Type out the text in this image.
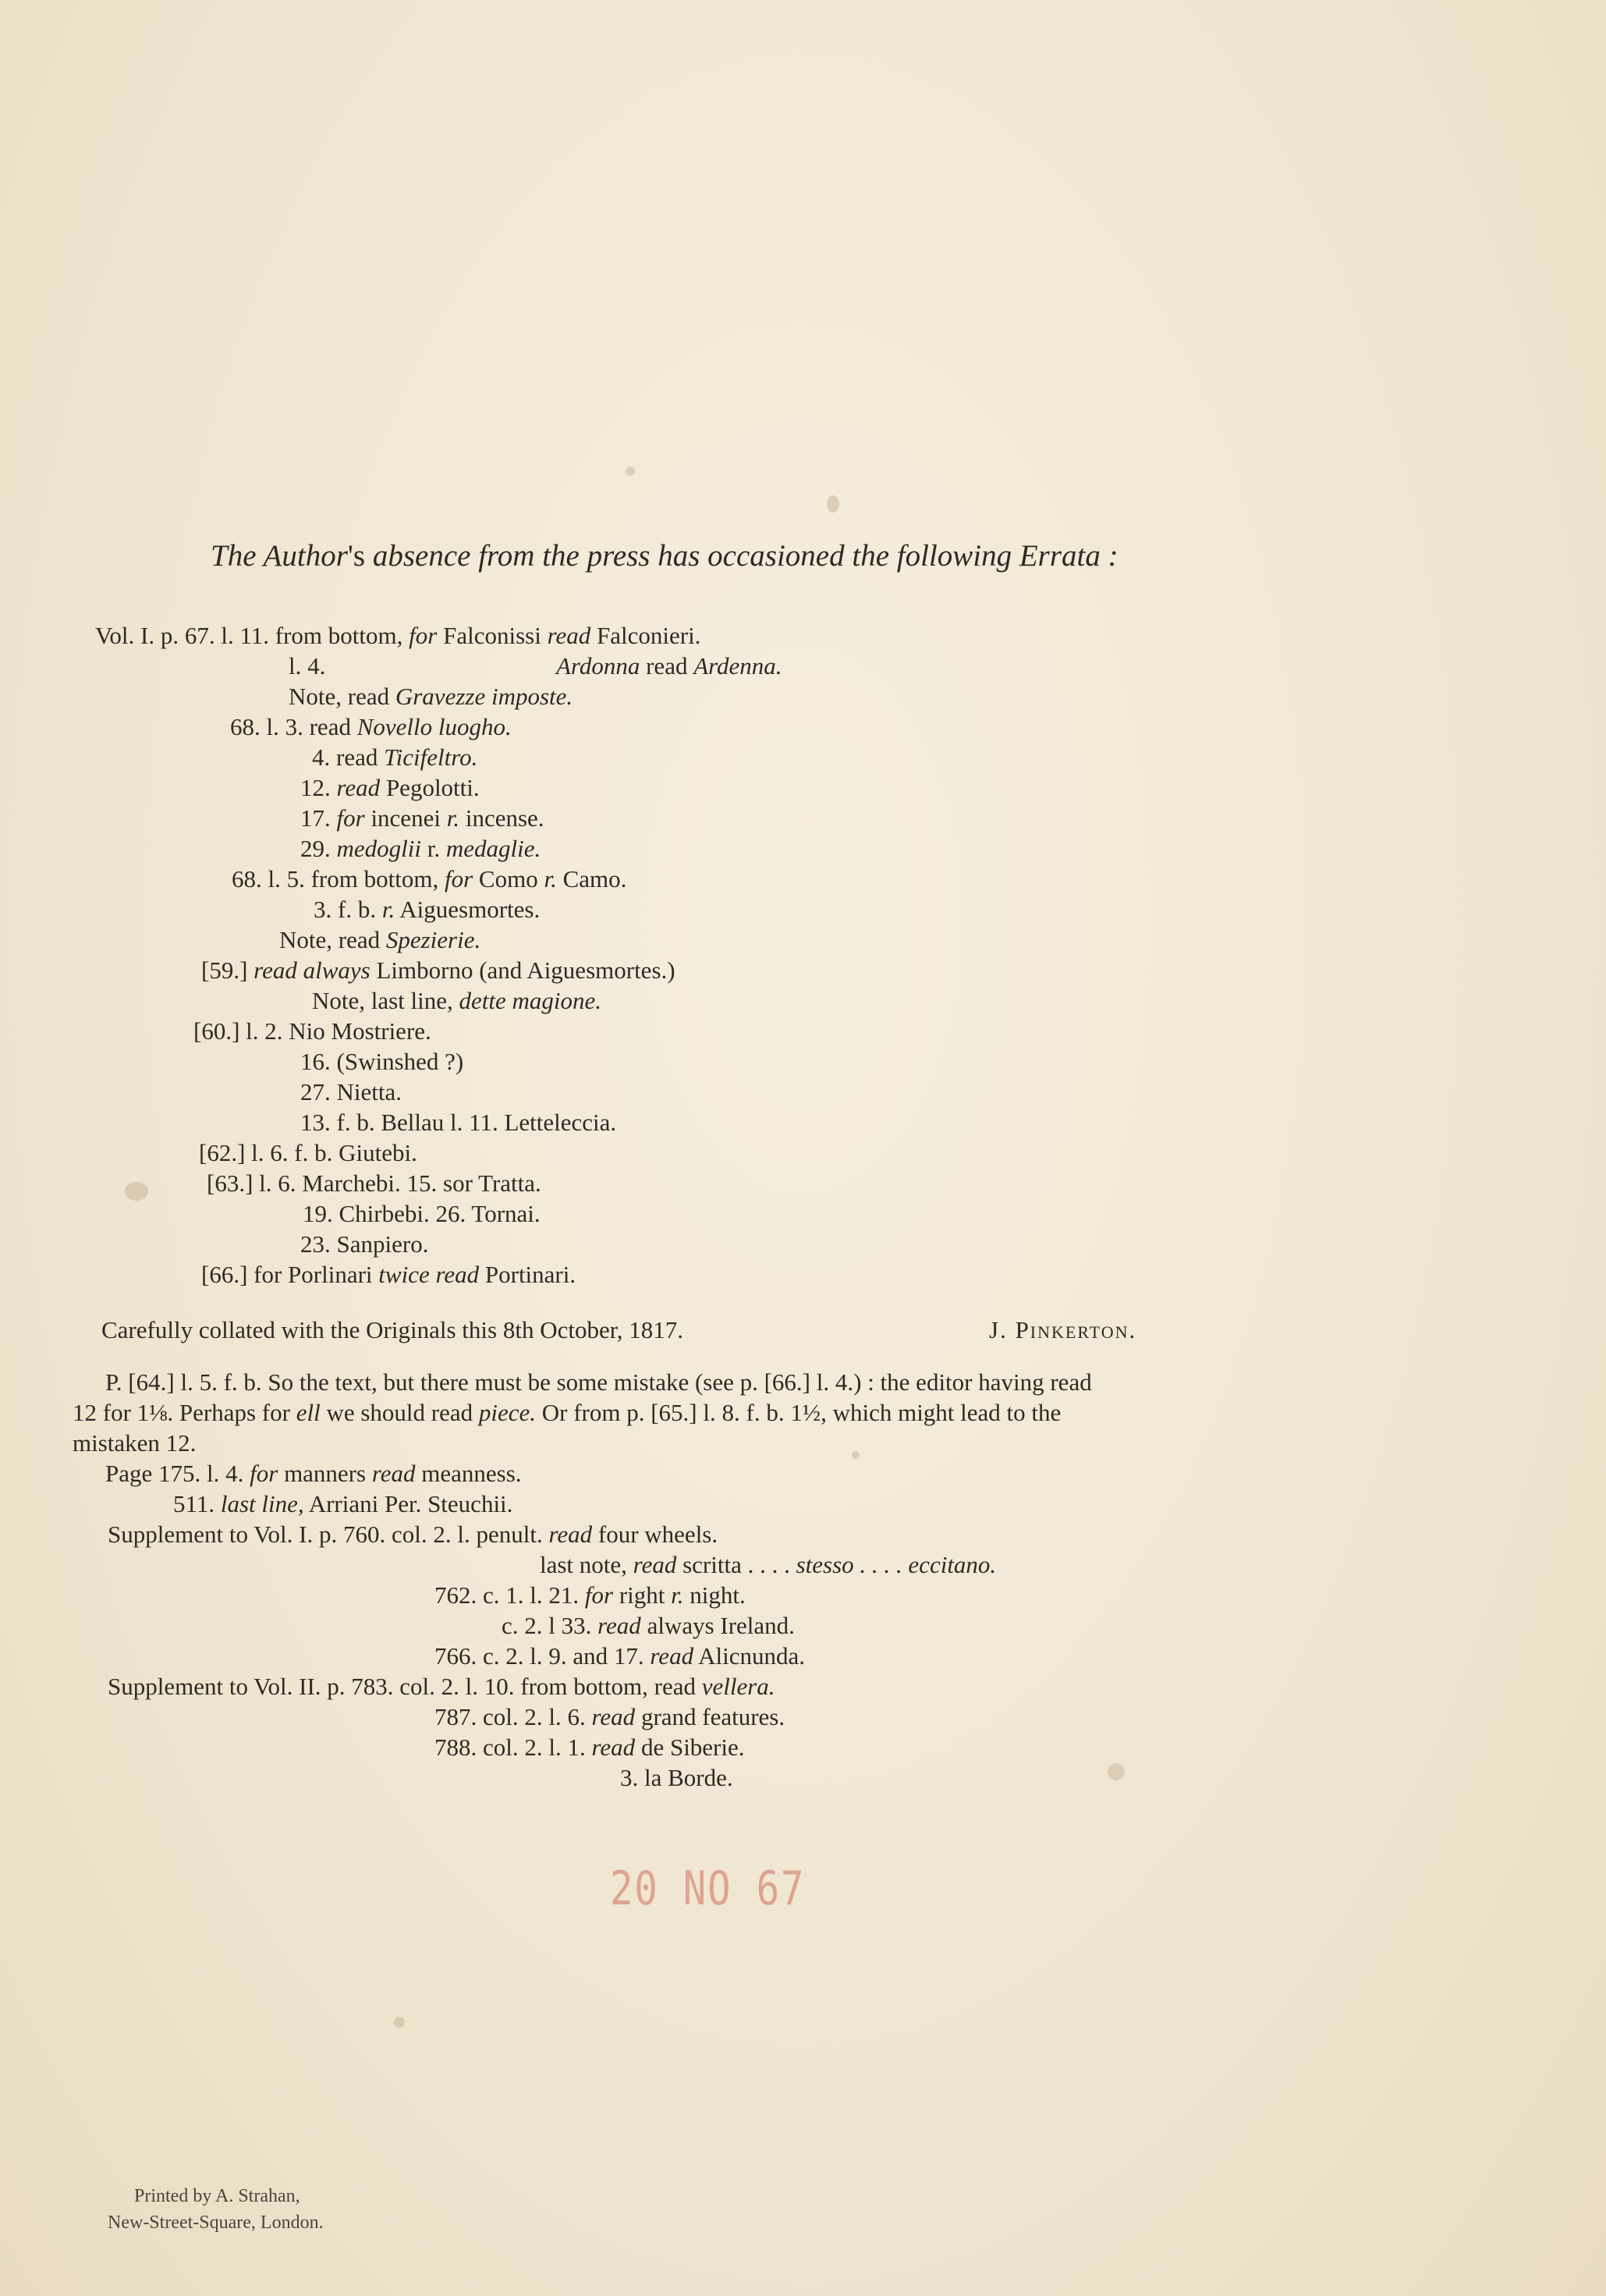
The Author's absence from the press has occasioned the following Errata :
Vol. I. p. 67. l. 11. from bottom, for Falconissi read Falconieri.
l. 4.	Ardonna read Ardenna.
Note, read Gravezze imposte.
68. l. 3. read Novello luogho.
4. read Ticifeltro.
12. read Pegolotti.
17. for incenei r. incense.
29. medoglii r. medaglie.
68. l. 5. from bottom, for Como r. Camo.
3. f. b. r. Aiguesmortes.
Note, read Spezierie.
[59.] read always Limborno (and Aiguesmortes.)
Note, last line, dette magione.
[60.] l. 2. Nio Mostriere.
16. (Swinshed ?)
27. Nietta.
13. f. b. Bellau l. 11. Letteleccia.
[62.] l. 6. f. b. Giutebi.
[63.] l. 6. Marchebi. 15. sor Tratta.
19. Chirbebi. 26. Tornai.
23. Sanpiero.
[66.] for Porlinari twice read Portinari.
Carefully collated with the Originals this 8th October, 1817.	J. Pinkerton.
P. [64.] l. 5. f. b. So the text, but there must be some mistake (see p. [66.] l. 4.) : the editor having read
12 for 1⅛. Perhaps for ell we should read piece. Or from p. [65.] l. 8. f. b. 1½, which might lead to the
mistaken 12.
Page 175. l. 4. for manners read meanness.
511. last line, Arriani Per. Steuchii.
Supplement to Vol. I. p. 760. col. 2. l. penult. read four wheels.
last note, read scritta . . . . stesso . . . . eccitano.
762. c. 1. l. 21. for right r. night.
c. 2. l 33. read always Ireland.
766. c. 2. l. 9. and 17. read Alicnunda.
Supplement to Vol. II. p. 783. col. 2. l. 10. from bottom, read vellera.
787. col. 2. l. 6. read grand features.
788. col. 2. l. 1. read de Siberie.
3. la Borde.
20 NO 67
Printed by A. Strahan,
New-Street-Square, London.
